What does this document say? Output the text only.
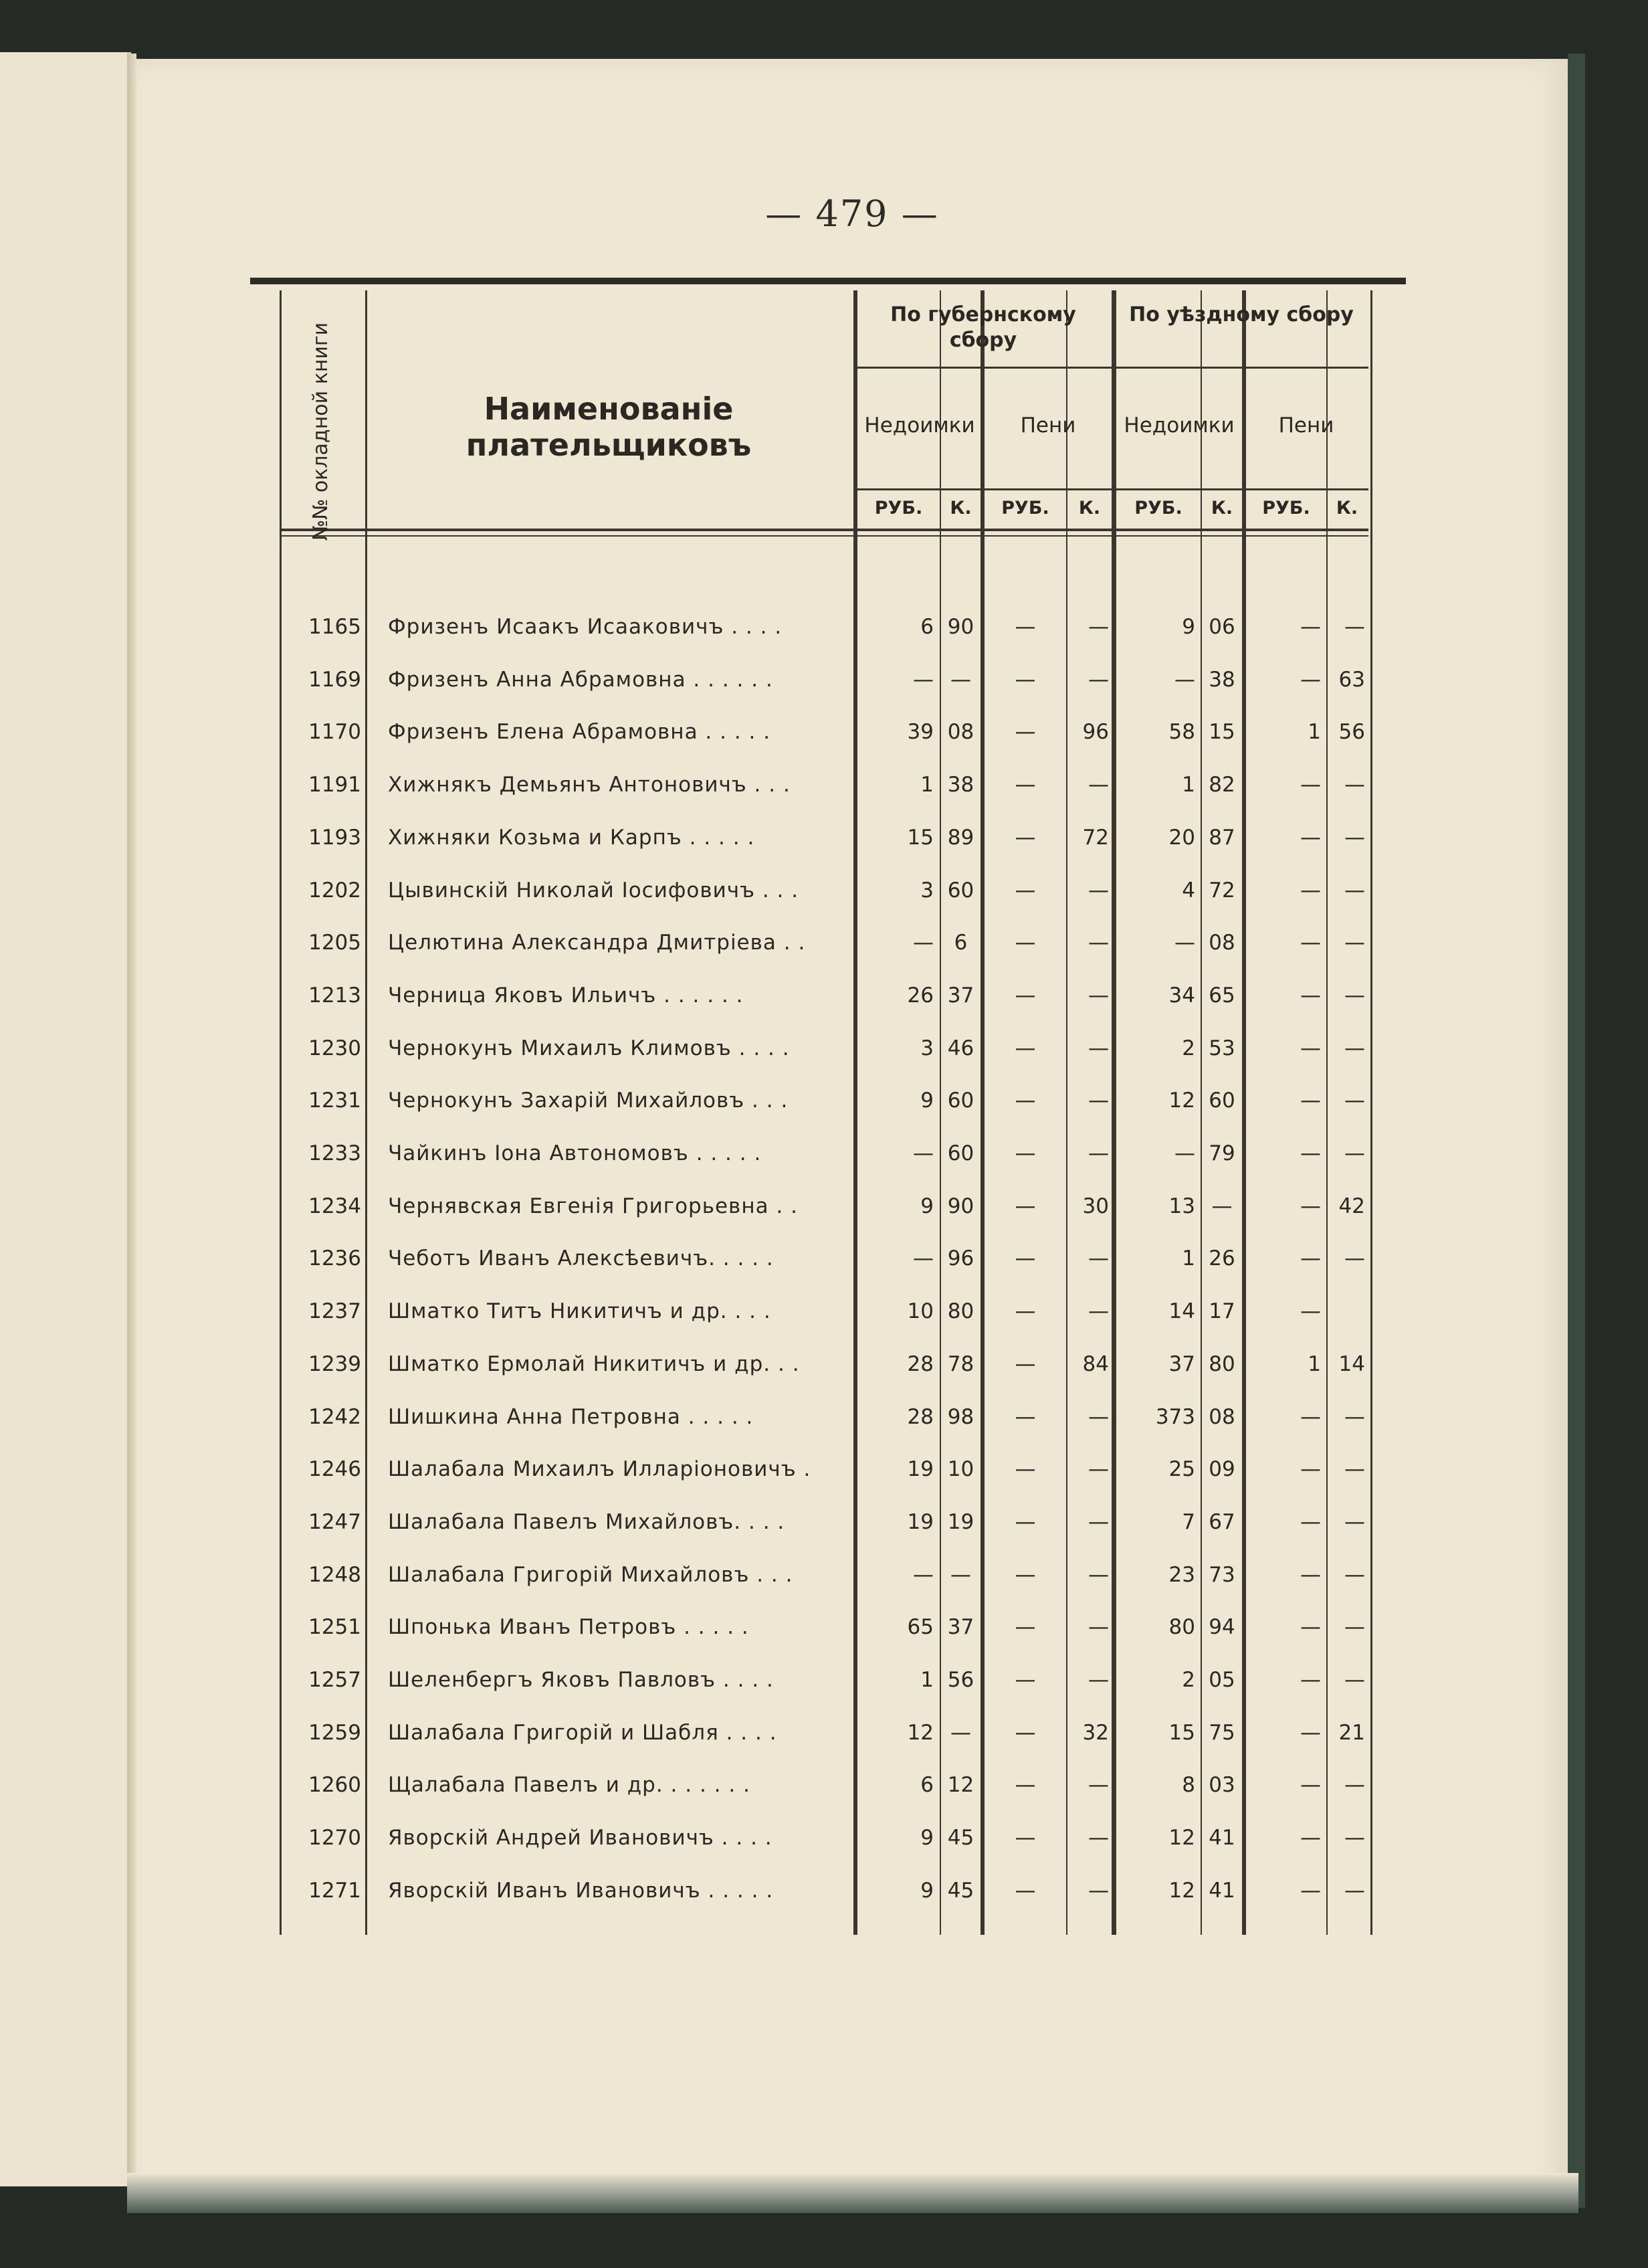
— 479 —
№№ окладной книги	Наименованіе плательщиковъ
По губернскому сбору
По уѣздному сбору
Недоимки	Пени	Недоимки	Пени
РУБ.	К.	РУБ.	К.	РУБ.	К.	РУБ.	К.
1165 Фризенъ Исаакъ Исааковичъ . . . .	6 90	—	—	9 06	—	—
1169 Фризенъ Анна Абрамовна . . . . . .	— —	—	—	— 38	— 63
1170 Фризенъ Елена Абрамовна . . . . .	39 08	—	96	58 15	1 56
1191 Хижнякъ Демьянъ Антоновичъ . . .	1 38	—	—	1 82	—	—
1193 Хижняки Козьма и Карпъ . . . . .	15 89	—	72	20 87	—	—
1202 Цывинскій Николай Іосифовичъ . . .	3 60	—	—	4 72	—	—
1205 Целютина Александра Дмитріева . .	— 6	—	—	— 08	—	—
1213 Черница Яковъ Ильичъ . . . . . .	26 37	—	—	34 65	—	—
1230 Чернокунъ Михаилъ Климовъ . . . .	3 46	—	—	2 53	—	—
1231 Чернокунъ Захарій Михайловъ . . .	9 60	—	—	12 60	—	—
1233 Чайкинъ Іона Автономовъ . . . . .	— 60	—	—	— 79	—	—
1234 Чернявская Евгенія Григорьевна . .	9 90	—	30	13 —	— 42
1236 Чеботъ Иванъ Алексѣевичъ. . . . .	— 96	—	—	1 26	—	—
1237 Шматко Титъ Никитичъ и др. . . .	10 80	—	—	14 17	—
1239 Шматко Ермолай Никитичъ и др. . .	28 78	—	84	37 80	1 14
1242 Шишкина Анна Петровна . . . . .	28 98	—	—	373 08	—	—
1246 Шалабала Михаилъ Илларіоновичъ .	19 10	—	—	25 09	—	—
1247 Шалабала Павелъ Михайловъ. . . .	19 19	—	—	7 67	—	—
1248 Шалабала Григорій Михайловъ . . .	— —	—	—	23 73	—	—
1251 Шпонька Иванъ Петровъ . . . . .	65 37	—	—	80 94	—	—
1257 Шеленбергъ Яковъ Павловъ . . . .	1 56	—	—	2 05	—	—
1259 Шалабала Григорій и Шабля . . . .	12 —	—	32	15 75	— 21
1260 Щалабала Павелъ и др. . . . . . .	6 12	—	—	8 03	—	—
1270 Яворскій Андрей Ивановичъ . . . .	9 45	—	—	12 41	—	—
1271 Яворскій Иванъ Ивановичъ . . . . .	9 45	—	—	12 41	—	—
